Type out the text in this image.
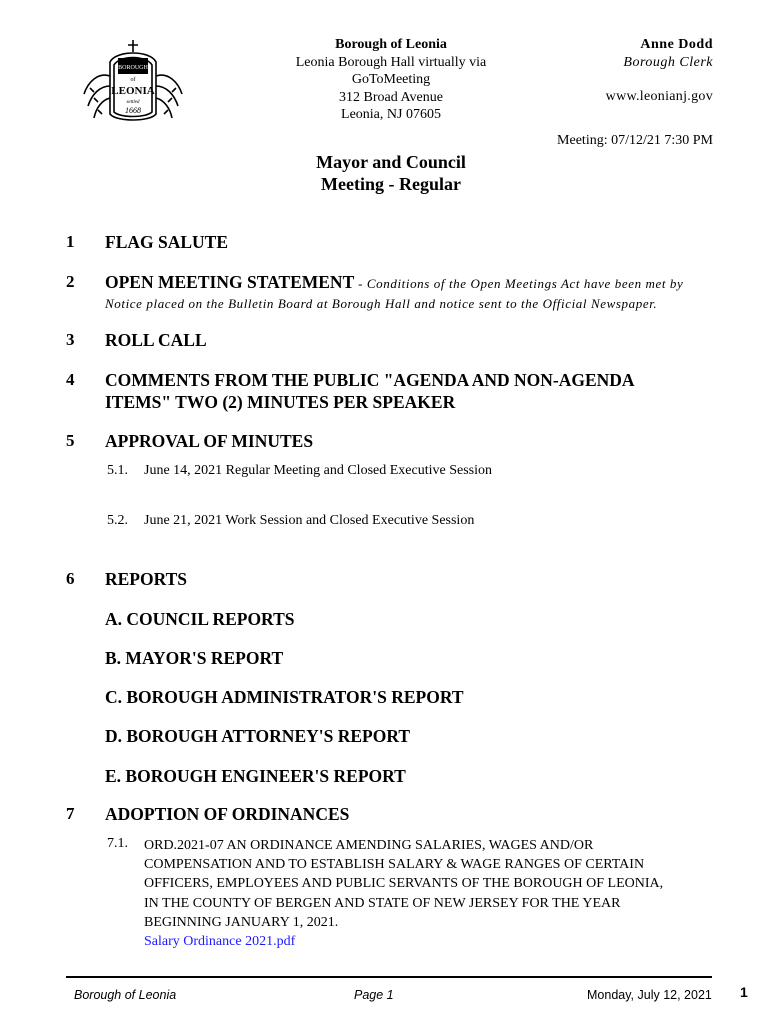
BOROUGH
of
LEONIA
settled
1668
Borough of Leonia
Leonia Borough Hall virtually via
GoToMeeting
312 Broad Avenue
Leonia, NJ 07605
Anne Dodd
Borough Clerk
www.leonianj.gov
Meeting: 07/12/21 7:30 PM
Mayor and Council
Meeting - Regular
1 FLAG SALUTE
2 OPEN MEETING STATEMENT - Conditions of the Open Meetings Act have been met by
Notice placed on the Bulletin Board at Borough Hall and notice sent to the Official Newspaper.
3 ROLL CALL
4 COMMENTS FROM THE PUBLIC "AGENDA AND NON-AGENDA
ITEMS" TWO (2) MINUTES PER SPEAKER
5 APPROVAL OF MINUTES
5.1. June 14, 2021 Regular Meeting and Closed Executive Session
5.2. June 21, 2021 Work Session and Closed Executive Session
6 REPORTS
A. COUNCIL REPORTS
B. MAYOR'S REPORT
C. BOROUGH ADMINISTRATOR'S REPORT
D. BOROUGH ATTORNEY'S REPORT
E. BOROUGH ENGINEER'S REPORT
7 ADOPTION OF ORDINANCES
7.1. ORD.2021-07 AN ORDINANCE AMENDING SALARIES, WAGES AND/OR
COMPENSATION AND TO ESTABLISH SALARY & WAGE RANGES OF CERTAIN
OFFICERS, EMPLOYEES AND PUBLIC SERVANTS OF THE BOROUGH OF LEONIA,
IN THE COUNTY OF BERGEN AND STATE OF NEW JERSEY FOR THE YEAR
BEGINNING JANUARY 1, 2021.
Salary Ordinance 2021.pdf
Borough of Leonia	Page 1	Monday, July 12, 2021 1
